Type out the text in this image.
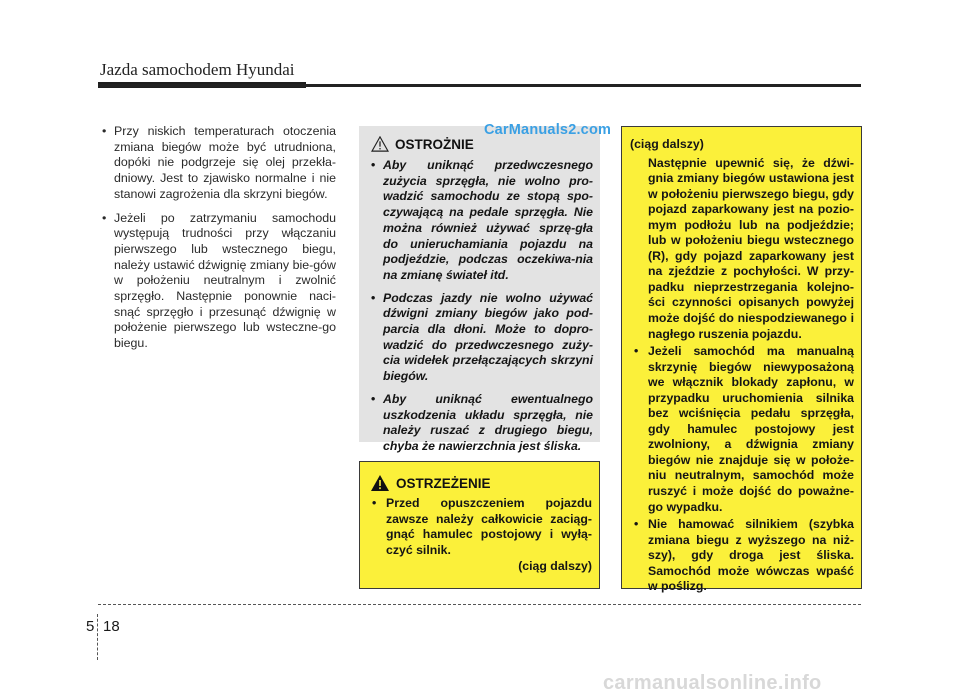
Jazda samochodem Hyundai
• Przy niskich temperaturach otoczenia zmiana biegów może być utrudniona, dopóki nie podgrzeje się olej przekła-dniowy. Jest to zjawisko normalne i nie stanowi zagrożenia dla skrzyni biegów.
• Jeżeli po zatrzymaniu samochodu występują trudności przy włączaniu pierwszego lub wstecznego biegu, należy ustawić dźwignię zmiany bie-gów w położeniu neutralnym i zwolnić sprzęgło. Następnie ponownie naci-snąć sprzęgło i przesunąć dźwignię w położenie pierwszego lub wsteczne-go biegu.
OSTROŻNIE
• Aby uniknąć przedwczesnego zużycia sprzęgła, nie wolno pro-wadzić samochodu ze stopą spo-czywającą na pedale sprzęgła. Nie można również używać sprzę-gła do unieruchamiania pojazdu na podjeździe, podczas oczekiwa-nia na zmianę świateł itd.
• Podczas jazdy nie wolno używać dźwigni zmiany biegów jako pod-parcia dla dłoni. Może to dopro-wadzić do przedwczesnego zuży-cia widełek przełączających skrzyni biegów.
• Aby uniknąć ewentualnego uszkodzenia układu sprzęgła, nie należy ruszać z drugiego biegu, chyba że nawierzchnia jest śliska.
CarManuals2.com
OSTRZEŻENIE
• Przed opuszczeniem pojazdu zawsze należy całkowicie zaciąg-gnąć hamulec postojowy i wyłą-czyć silnik.
(ciąg dalszy)
(ciąg dalszy)
Następnie upewnić się, że dźwi-gnia zmiany biegów ustawiona jest w położeniu pierwszego biegu, gdy pojazd zaparkowany jest na pozio-mym podłożu lub na podjeździe; lub w położeniu biegu wstecznego (R), gdy pojazd zaparkowany jest na zjeździe z pochyłości. W przy-padku nieprzestrzegania kolejno-ści czynności opisanych powyżej może dojść do niespodziewanego i nagłego ruszenia pojazdu.
• Jeżeli samochód ma manualną skrzynię biegów niewyposażoną we włącznik blokady zapłonu, w przypadku uruchomienia silnika bez wciśnięcia pedału sprzęgła, gdy hamulec postojowy jest zwolniony, a dźwignia zmiany biegów nie znajduje się w położe-niu neutralnym, samochód może ruszyć i może dojść do poważne-go wypadku.
• Nie hamować silnikiem (szybka zmiana biegu z wyższego na niż-szy), gdy droga jest śliska. Samochód może wówczas wpaść w poślizg.
5 18
carmanualsonline.info
